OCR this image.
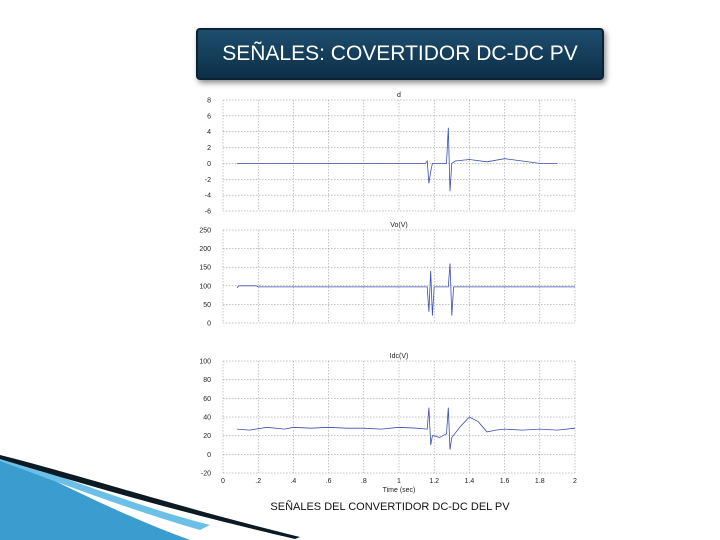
SEÑALES: COVERTIDOR DC-DC PV
d
8
6
4
2
0
-2
-4
-6
Vo(V)
250
200
150
100
50
0
Idc(V)
100
80
60
40
20
0
-20
0	.2	.4	.6	.8	1	1.2	1.4	1.6	1.8	2
Time (sec)
SEÑALES DEL CONVERTIDOR DC-DC DEL PV
